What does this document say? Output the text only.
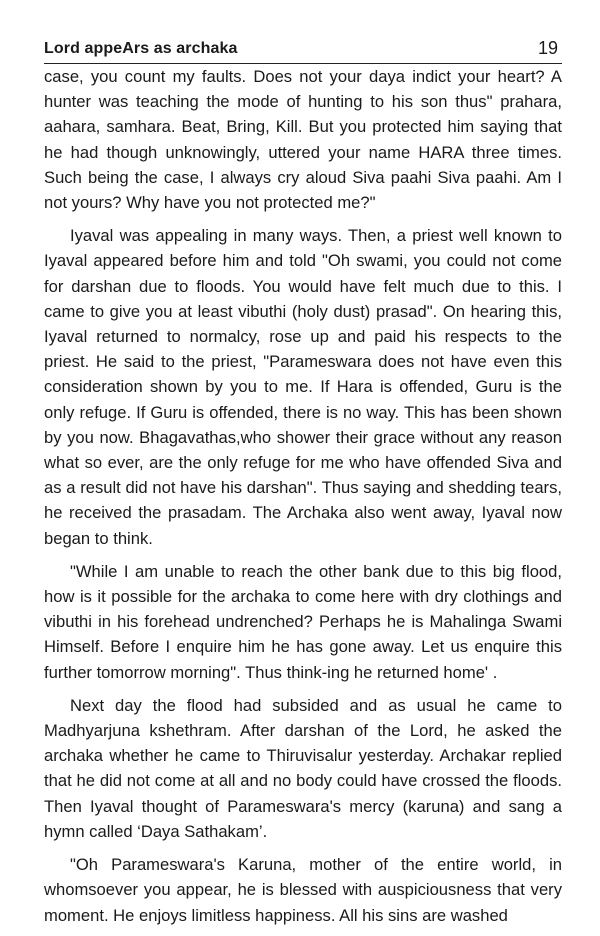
Lord appeArs as archaka	19

case, you count my faults. Does not your daya indict your heart? A hunter was teaching the mode of hunting to his son thus" prahara, aahara, samhara. Beat, Bring, Kill. But you protected him saying that he had though unknowingly, uttered your name HARA three times. Such being the case, I always cry aloud Siva paahi Siva paahi. Am I not yours? Why have you not protected me?"

Iyaval was appealing in many ways. Then, a priest well known to Iyaval appeared before him and told "Oh swami, you could not come for darshan due to floods. You would have felt much due to this. I came to give you at least vibuthi (holy dust) prasad". On hearing this, Iyaval returned to normalcy, rose up and paid his respects to the priest. He said to the priest, "Parameswara does not have even this consideration shown by you to me. If Hara is offended, Guru is the only refuge. If Guru is offended, there is no way. This has been shown by you now. Bhagavathas,who shower their grace without any reason what so ever, are the only refuge for me who have offended Siva and as a result did not have his darshan". Thus saying and shedding tears, he received the prasadam. The Archaka also went away, Iyaval now began to think.

"While I am unable to reach the other bank due to this big flood, how is it possible for the archaka to come here with dry clothings and vibuthi in his forehead undrenched? Perhaps he is Mahalinga Swami Himself. Before I enquire him he has gone away. Let us enquire this further tomorrow morning". Thus think-ing he returned home' .

Next day the flood had subsided and as usual he came to Madhyarjuna kshethram. After darshan of the Lord, he asked the archaka whether he came to Thiruvisalur yesterday. Archakar replied that he did not come at all and no body could have crossed the floods. Then Iyaval thought of Parameswara's mercy (karuna) and sang a hymn called ‘Daya Sathakam’.

"Oh Parameswara's Karuna, mother of the entire world, in whomsoever you appear, he is blessed with auspiciousness that very moment. He enjoys limitless happiness. All his sins are washed
